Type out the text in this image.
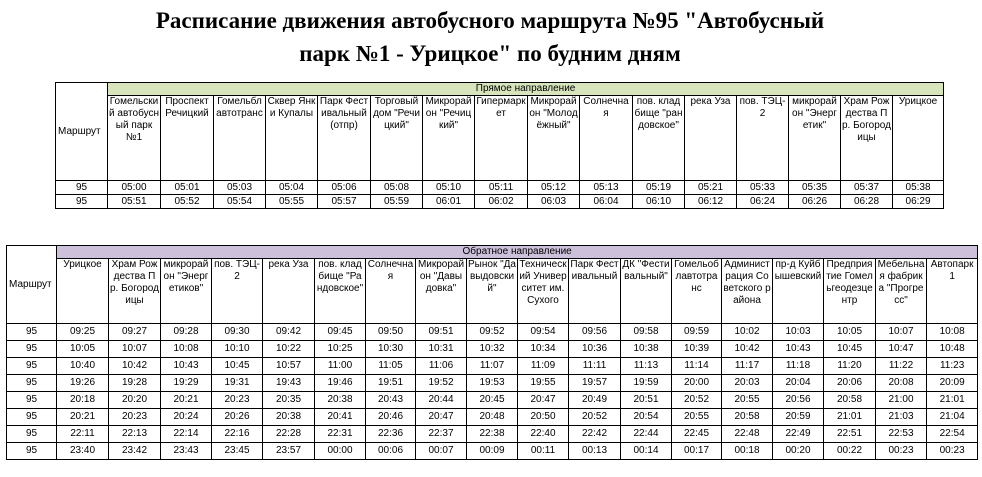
Расписание движения автобусного маршрута №95 "Автобусный
парк №1 - Урицкое" по будним дням
Маршрут	Прямое направление															
	Гомельский автобусный парк №1	Проспект Речицкий	Гомельблавтотранс	Сквер Янки Купалы	Парк Фестивальный (отпр)	Торговый дом "Речицкий"	Микрорайон "Речицкий"	Гипермаркет	Микрорайон "Молодёжный"	Солнечная	пов. кладбище "рандовское"	река Уза	пов. ТЭЦ-2	микрорайон "Энергетик"	Храм Рождества Пр. Богородицы	Урицкое
95	05:00	05:01	05:03	05:04	05:06	05:08	05:10	05:11	05:12	05:13	05:19	05:21	05:33	05:35	05:37	05:38
95	05:51	05:52	05:54	05:55	05:57	05:59	06:01	06:02	06:03	06:04	06:10	06:12	06:24	06:26	06:28	06:29
Маршрут	Обратное направление																	
	Урицкое	Храм Рождества Пр. Богородицы	микрорайон "Энергетиков"	пов. ТЭЦ-2	река Уза	пов. кладбище "Рандовское"	Солнечная	Микрорайон "Давыдовка"	Рынок "Давыдовский"	Технический Университет им. Сухого	Парк Фестивальный	ДК "Фестивальный"	Гомельоблавтотранс	Администрация Советского района	пр-д Куйбышевский	Предприятие Гомельгеодезцентр	Мебельная фабрика "Прогресс"	Автопарк 1
95	09:25	09:27	09:28	09:30	09:42	09:45	09:50	09:51	09:52	09:54	09:56	09:58	09:59	10:02	10:03	10:05	10:07	10:08
95	10:05	10:07	10:08	10:10	10:22	10:25	10:30	10:31	10:32	10:34	10:36	10:38	10:39	10:42	10:43	10:45	10:47	10:48
95	10:40	10:42	10:43	10:45	10:57	11:00	11:05	11:06	11:07	11:09	11:11	11:13	11:14	11:17	11:18	11:20	11:22	11:23
95	19:26	19:28	19:29	19:31	19:43	19:46	19:51	19:52	19:53	19:55	19:57	19:59	20:00	20:03	20:04	20:06	20:08	20:09
95	20:18	20:20	20:21	20:23	20:35	20:38	20:43	20:44	20:45	20:47	20:49	20:51	20:52	20:55	20:56	20:58	21:00	21:01
95	20:21	20:23	20:24	20:26	20:38	20:41	20:46	20:47	20:48	20:50	20:52	20:54	20:55	20:58	20:59	21:01	21:03	21:04
95	22:11	22:13	22:14	22:16	22:28	22:31	22:36	22:37	22:38	22:40	22:42	22:44	22:45	22:48	22:49	22:51	22:53	22:54
95	23:40	23:42	23:43	23:45	23:57	00:00	00:06	00:07	00:09	00:11	00:13	00:14	00:17	00:18	00:20	00:22	00:23	00:23
